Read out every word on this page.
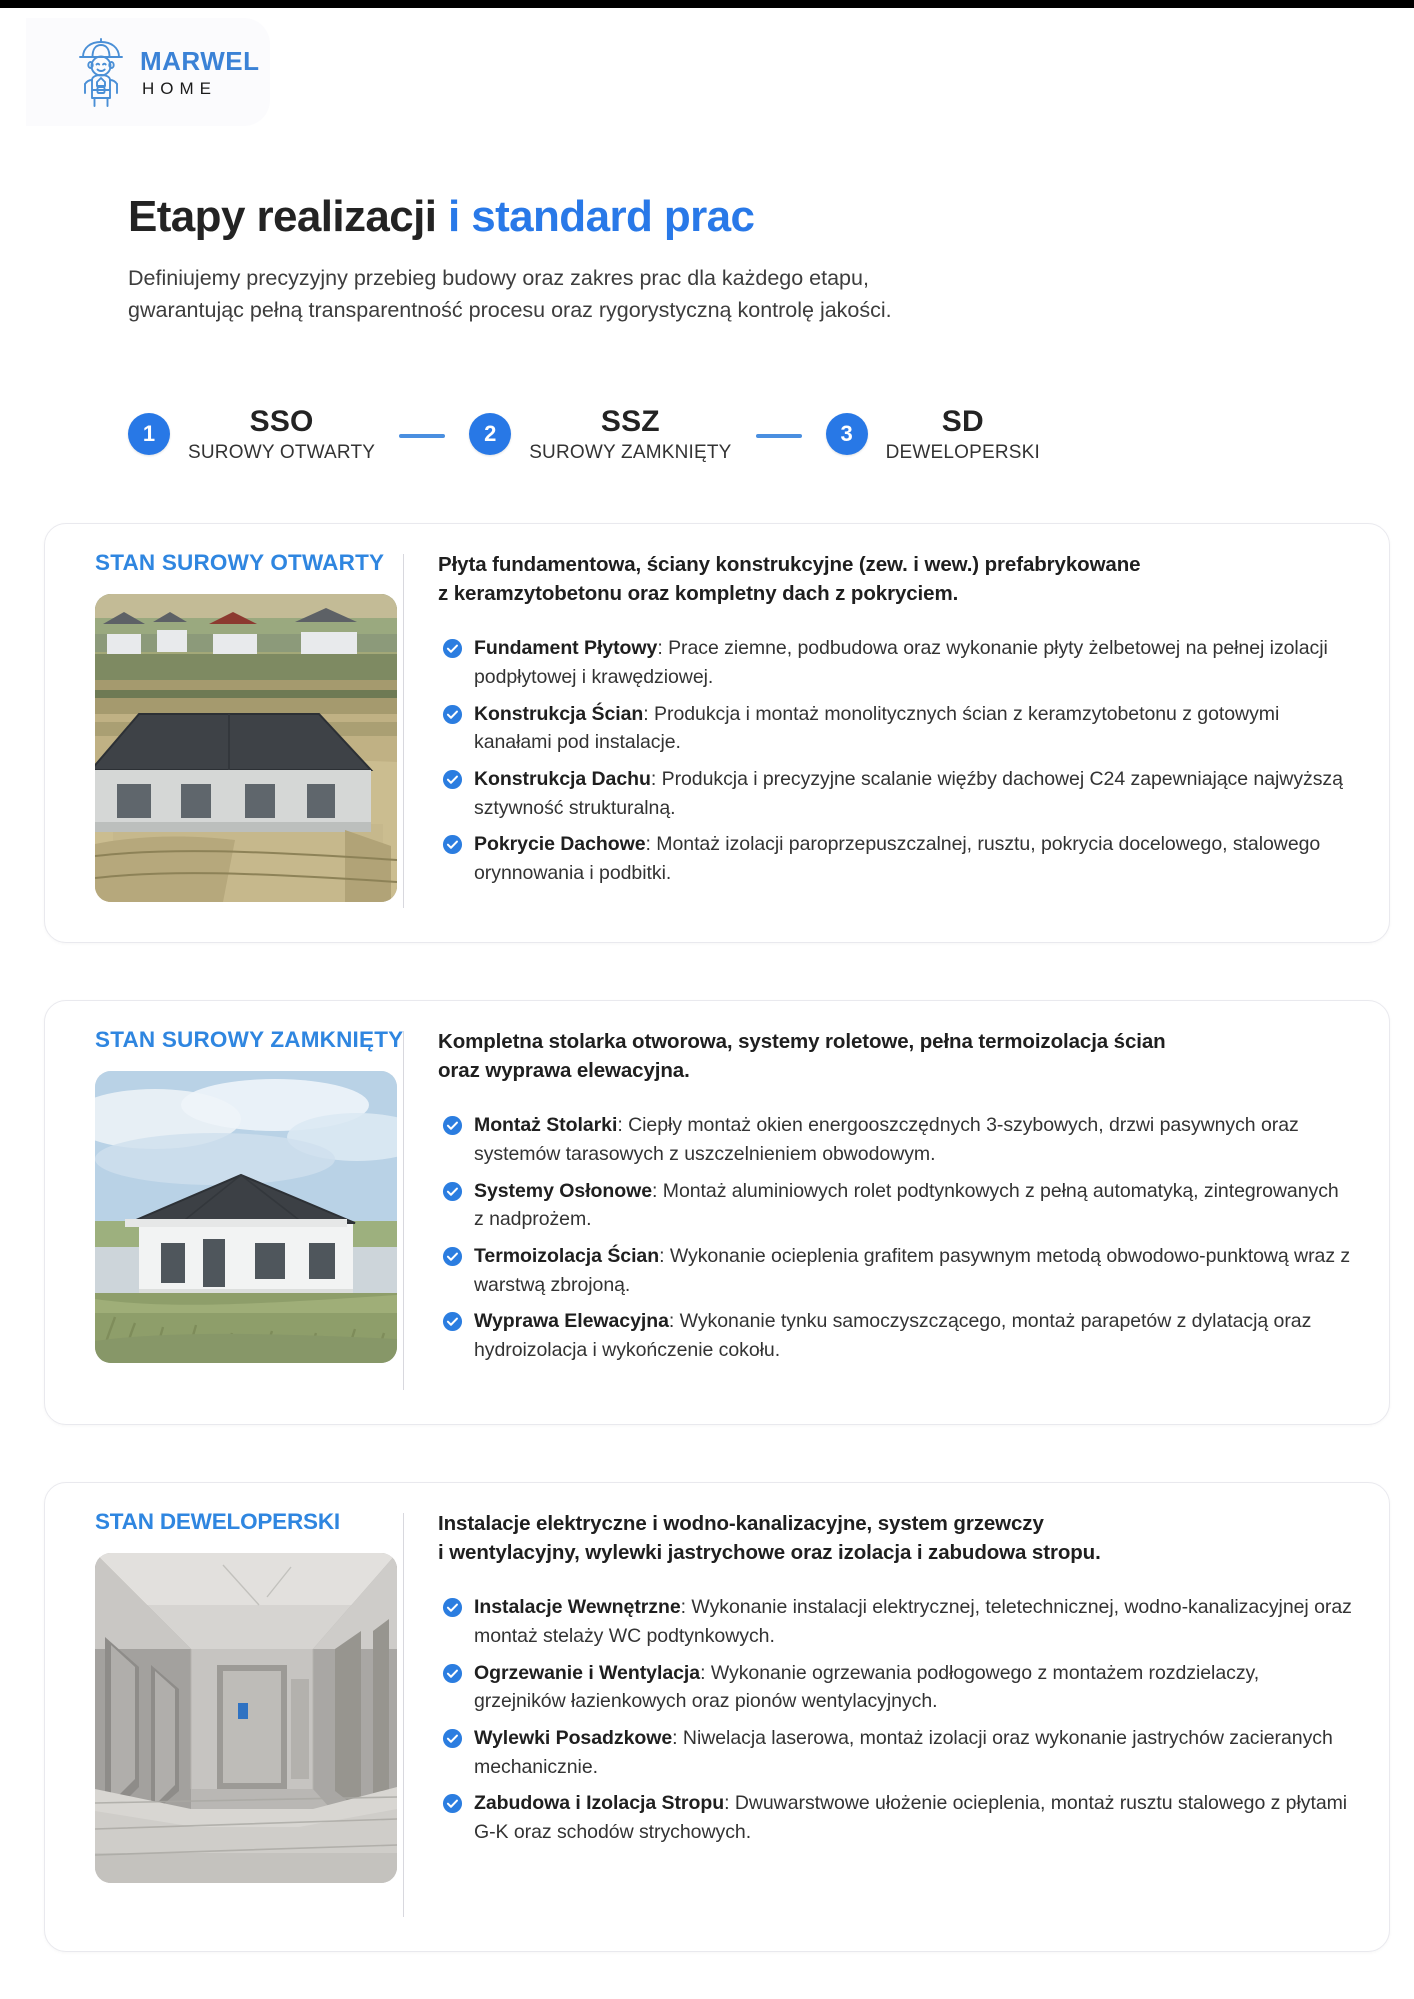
MARWEL
HOME
Etapy realizacji i standard prac

Definiujemy precyzyjny przebieg budowy oraz zakres prac dla każdego etapu,
gwarantując pełną transparentność procesu oraz rygorystyczną kontrolę jakości.

1	SSO
SUROWY OTWARTY
2	SSZ
SUROWY ZAMKNIĘTY
3	SD
DEWELOPERSKI
STAN SUROWY OTWARTY	Płyta fundamentowa, ściany konstrukcyjne (zew. i wew.) prefabrykowane
z keramzytobetonu oraz kompletny dach z pokryciem.

Fundament Płytowy: Prace ziemne, podbudowa oraz wykonanie płyty żelbetowej na pełnej izolacji podpłytowej i krawędziowej.
Konstrukcja Ścian: Produkcja i montaż monolitycznych ścian z keramzytobetonu z gotowymi kanałami pod instalacje.
Konstrukcja Dachu: Produkcja i precyzyjne scalanie więźby dachowej C24 zapewniające najwyższą sztywność strukturalną.
Pokrycie Dachowe: Montaż izolacji paroprzepuszczalnej, rusztu, pokrycia docelowego, stalowego orynnowania i podbitki.
STAN SUROWY ZAMKNIĘTY Kompletna stolarka otworowa, systemy roletowe, pełna termoizolacja ścian
oraz wyprawa elewacyjna.

Montaż Stolarki: Ciepły montaż okien energooszczędnych 3-szybowych, drzwi pasywnych oraz systemów tarasowych z uszczelnieniem obwodowym.
Systemy Osłonowe: Montaż aluminiowych rolet podtynkowych z pełną automatyką, zintegrowanych z nadprożem.
Termoizolacja Ścian: Wykonanie ocieplenia grafitem pasywnym metodą obwodowo-punktową wraz z warstwą zbrojoną.
Wyprawa Elewacyjna: Wykonanie tynku samoczyszczącego, montaż parapetów z dylatacją oraz hydroizolacja i wykończenie cokołu.
STAN DEWELOPERSKI	Instalacje elektryczne i wodno-kanalizacyjne, system grzewczy
i wentylacyjny, wylewki jastrychowe oraz izolacja i zabudowa stropu.

Instalacje Wewnętrzne: Wykonanie instalacji elektrycznej, teletechnicznej, wodno-kanalizacyjnej oraz montaż stelaży WC podtynkowych.
Ogrzewanie i Wentylacja: Wykonanie ogrzewania podłogowego z montażem rozdzielaczy, grzejników łazienkowych oraz pionów wentylacyjnych.
Wylewki Posadzkowe: Niwelacja laserowa, montaż izolacji oraz wykonanie jastrychów zacieranych mechanicznie.
Zabudowa i Izolacja Stropu: Dwuwarstwowe ułożenie ocieplenia, montaż rusztu stalowego z płytami G-K oraz schodów strychowych.
